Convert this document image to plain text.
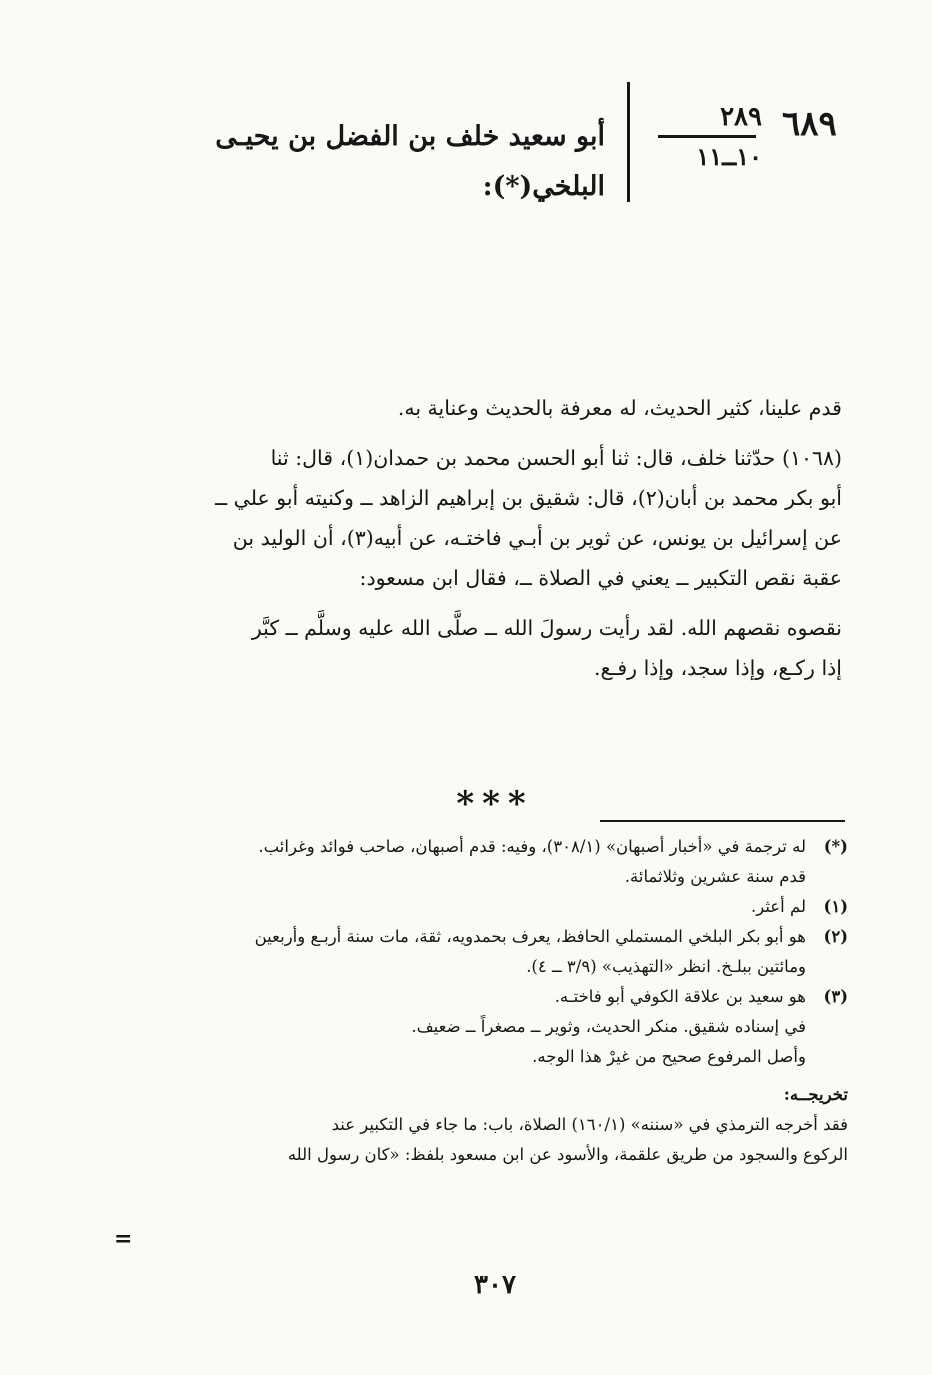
٦٨٩
٢٨٩
١٠ــ١١
أبو سعيد خلف بن الفضل بن يحيـى
البلخي(*):

قدم علينا، كثير الحديث، له معرفة بالحديث وعناية به.

(١٠٦٨) حدّثنا خلف، قال: ثنا أبو الحسن محمد بن حمدان(١)، قال: ثنا

أبو بكر محمد بن أبان(٢)، قال: شقيق بن إبراهيم الزاهد ــ وكنيته أبو علي ــ

عن إسرائيل بن يونس، عن ثوير بن أبـي فاختـه، عن أبيه(٣)، أن الوليد بن

عقبة نقص التكبير ــ يعني في الصلاة ــ، فقال ابن مسعود:

نقصوه نقصهم الله. لقد رأيت رسولَ الله ــ صلَّى الله عليه وسلَّم ــ كبَّر

إذا ركـع، وإذا سجد، وإذا رفـع.

***
(*)

له ترجمة في «أخبار أصبهان» (٣٠٨/١)، وفيه: قدم أصبهان، صاحب فوائد وغرائب.

قدم سنة عشرين وثلاثمائة.

(١)

لم أعثر.

(٢)

هو أبو بكر البلخي المستملي الحافظ، يعرف بحمدويه، ثقة، مات سنة أربـع وأربعين

ومائتين ببلـخ. انظر «التهذيب» (٣/٩ ــ ٤).

(٣)

هو سعيد بن علاقة الكوفي أبو فاختـه.

في إسناده شقيق. منكر الحديث، وثوير ــ مصغراً ــ ضعيف.

وأصل المرفوع صحيح من غيرْ هذا الوجه.

تخريجــه:

فقد أخرجه الترمذي في «سننه» (١٦٠/١) الصلاة، باب: ما جاء في التكبير عند

الركوع والسجود من طريق علقمة، والأسود عن ابن مسعود بلفظ: «كان رسول الله

=
٣٠٧
